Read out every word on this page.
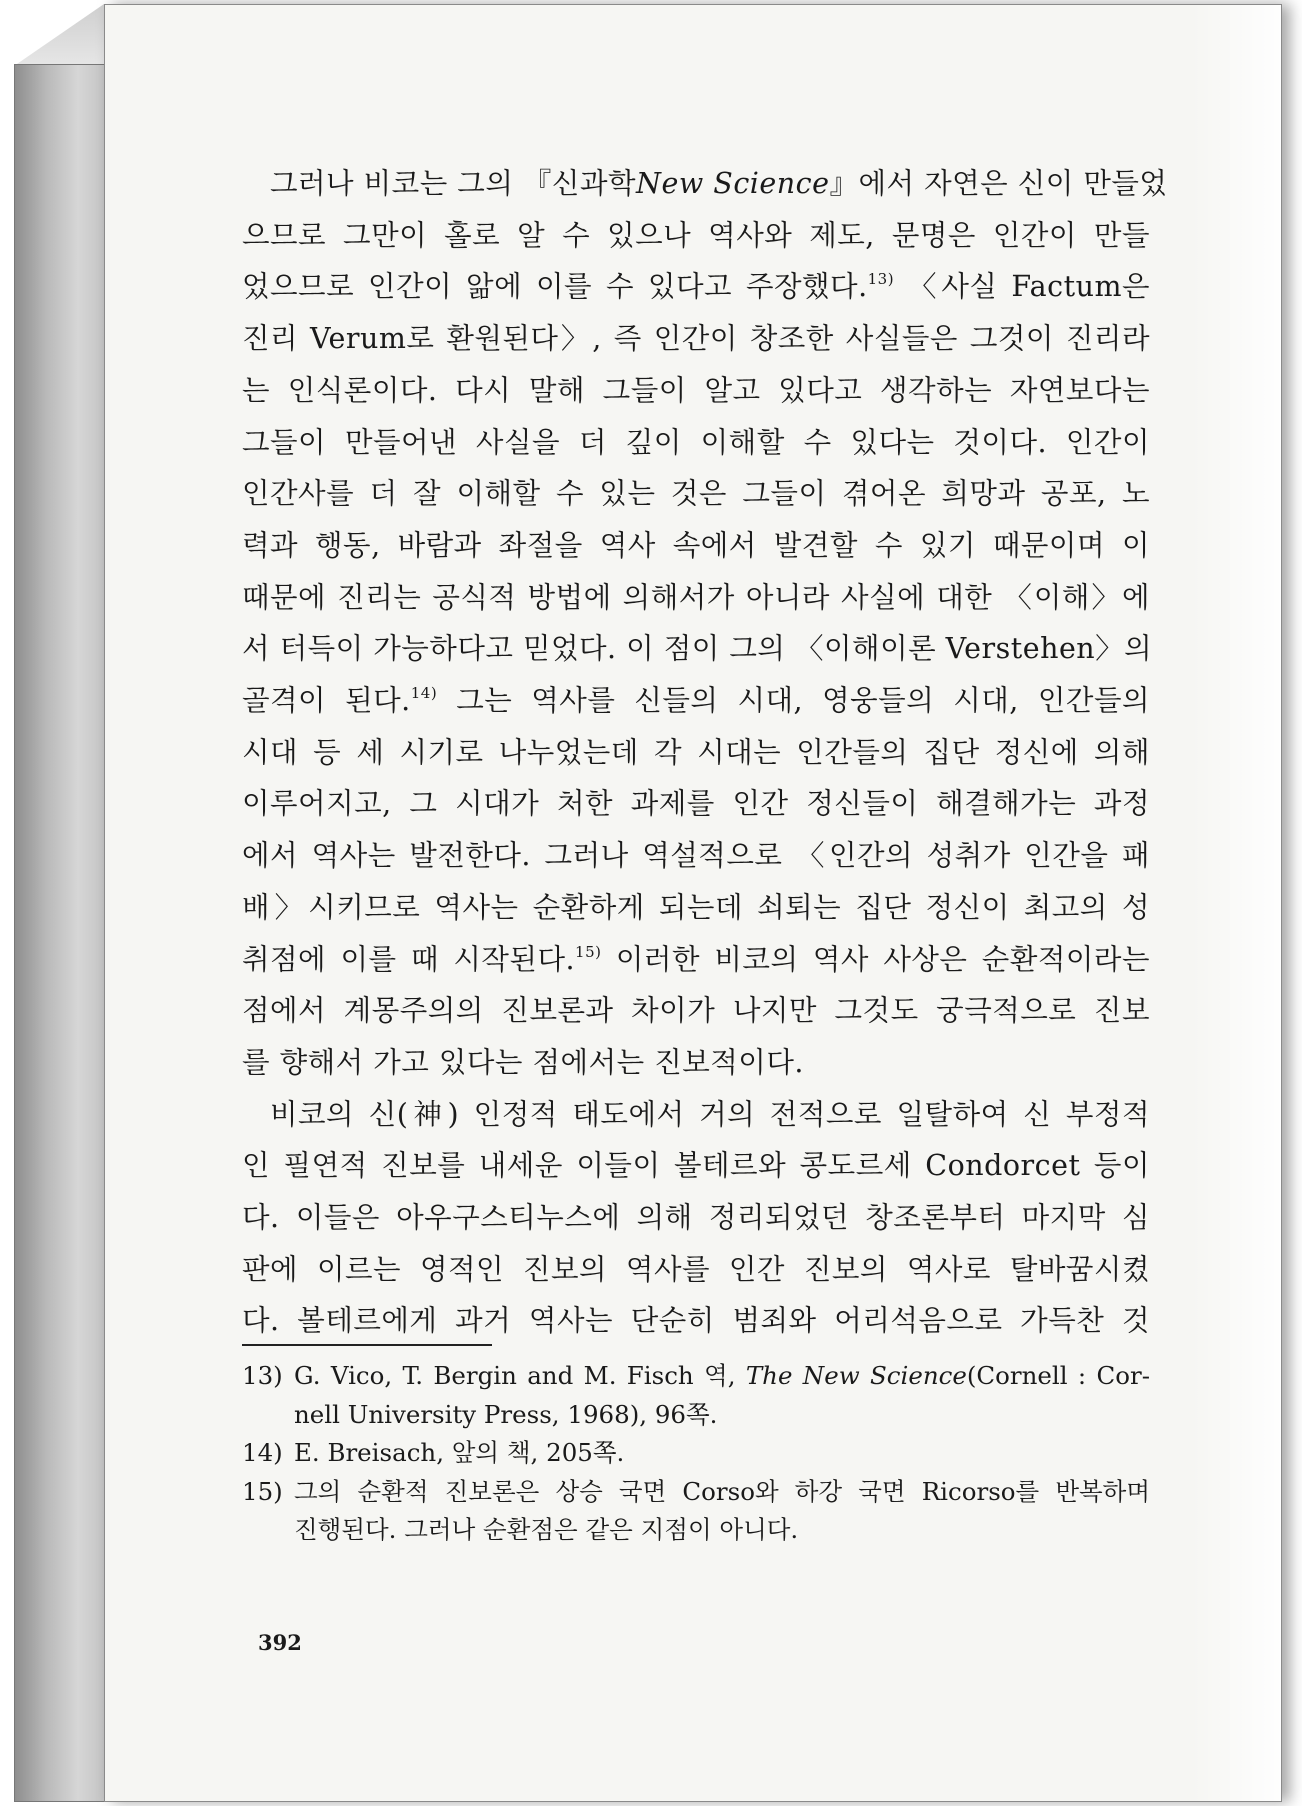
그러나 비코는 그의 『신과학New Science』에서 자연은 신이 만들었
으므로 그만이 홀로 알 수 있으나 역사와 제도, 문명은 인간이 만들
었으므로 인간이 앎에 이를 수 있다고 주장했다.$^{13)}$ 〈사실 Factum은
진리 Verum로 환원된다〉, 즉 인간이 창조한 사실들은 그것이 진리라
는 인식론이다. 다시 말해 그들이 알고 있다고 생각하는 자연보다는
그들이 만들어낸 사실을 더 깊이 이해할 수 있다는 것이다. 인간이
인간사를 더 잘 이해할 수 있는 것은 그들이 겪어온 희망과 공포, 노
력과 행동, 바람과 좌절을 역사 속에서 발견할 수 있기 때문이며 이
때문에 진리는 공식적 방법에 의해서가 아니라 사실에 대한 〈이해〉에
서 터득이 가능하다고 믿었다. 이 점이 그의 〈이해이론 Verstehen〉의
골격이 된다.$^{14)}$ 그는 역사를 신들의 시대, 영웅들의 시대, 인간들의
시대 등 세 시기로 나누었는데 각 시대는 인간들의 집단 정신에 의해
이루어지고, 그 시대가 처한 과제를 인간 정신들이 해결해가는 과정
에서 역사는 발전한다. 그러나 역설적으로 〈인간의 성취가 인간을 패
배〉시키므로 역사는 순환하게 되는데 쇠퇴는 집단 정신이 최고의 성
취점에 이를 때 시작된다.$^{15)}$ 이러한 비코의 역사 사상은 순환적이라는
점에서 계몽주의의 진보론과 차이가 나지만 그것도 궁극적으로 진보
를 향해서 가고 있다는 점에서는 진보적이다.
비코의 신(神) 인정적 태도에서 거의 전적으로 일탈하여 신 부정적
인 필연적 진보를 내세운 이들이 볼테르와 콩도르세 Condorcet 등이
다. 이들은 아우구스티누스에 의해 정리되었던 창조론부터 마지막 심
판에 이르는 영적인 진보의 역사를 인간 진보의 역사로 탈바꿈시켰
다. 볼테르에게 과거 역사는 단순히 범죄와 어리석음으로 가득찬 것
13) G. Vico, T. Bergin and M. Fisch 역, The New Science(Cornell : Cor-
nell University Press, 1968), 96쪽.
14) E. Breisach, 앞의 책, 205쪽.
15) 그의 순환적 진보론은 상승 국면 Corso와 하강 국면 Ricorso를 반복하며
진행된다. 그러나 순환점은 같은 지점이 아니다.
392
